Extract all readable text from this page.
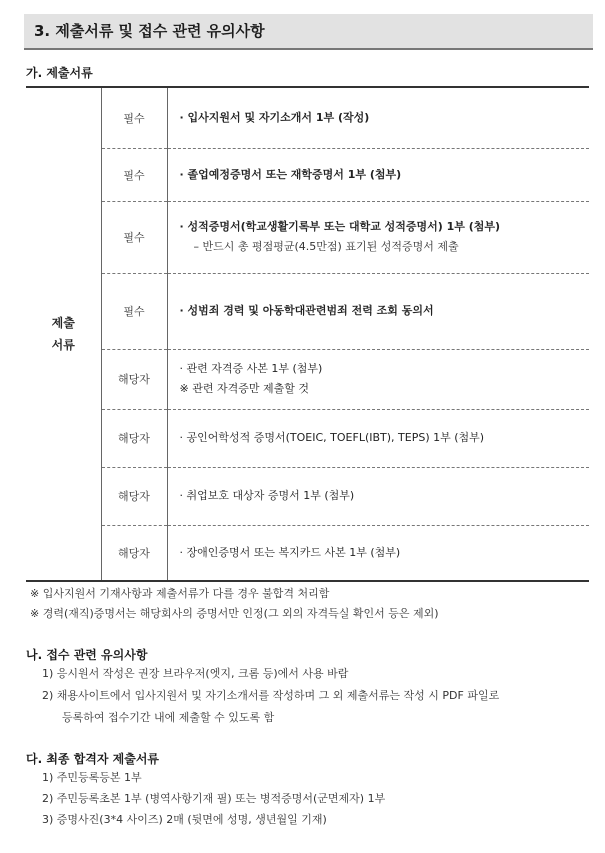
3. 제출서류 및 접수 관련 유의사항
가. 제출서류
제출
서류	필수	· 입사지원서 및 자기소개서 1부 (작성)

	필수	· 졸업예정증명서 또는 재학증명서 1부 (첨부)

	필수	· 성적증명서(학교생활기록부 또는 대학교 성적증명서) 1부 (첨부)
– 반드시 총 평점평균(4.5만점) 표기된 성적증명서 제출

	필수	· 성범죄 경력 및 아동학대관련범죄 전력 조회 동의서

	해당자	· 관련 자격증 사본 1부 (첨부)
※ 관련 자격증만 제출할 것

	해당자	· 공인어학성적 증명서(TOEIC, TOEFL(IBT), TEPS) 1부 (첨부)

	해당자	· 취업보호 대상자 증명서 1부 (첨부)

	해당자	· 장애인증명서 또는 복지카드 사본 1부 (첨부)
※ 입사지원서 기재사항과 제출서류가 다를 경우 불합격 처리함
※ 경력(재직)증명서는 해당회사의 증명서만 인정(그 외의 자격득실 확인서 등은 제외)
나. 접수 관련 유의사항
1) 응시원서 작성은 권장 브라우저(엣지, 크롬 등)에서 사용 바람
2) 채용사이트에서 입사지원서 및 자기소개서를 작성하며 그 외 제출서류는 작성 시 PDF 파일로
등록하여 접수기간 내에 제출할 수 있도록 함
다. 최종 합격자 제출서류
1) 주민등록등본 1부
2) 주민등록초본 1부 (병역사항기재 필) 또는 병적증명서(군면제자) 1부
3) 증명사진(3*4 사이즈) 2매 (뒷면에 성명, 생년월일 기재)
